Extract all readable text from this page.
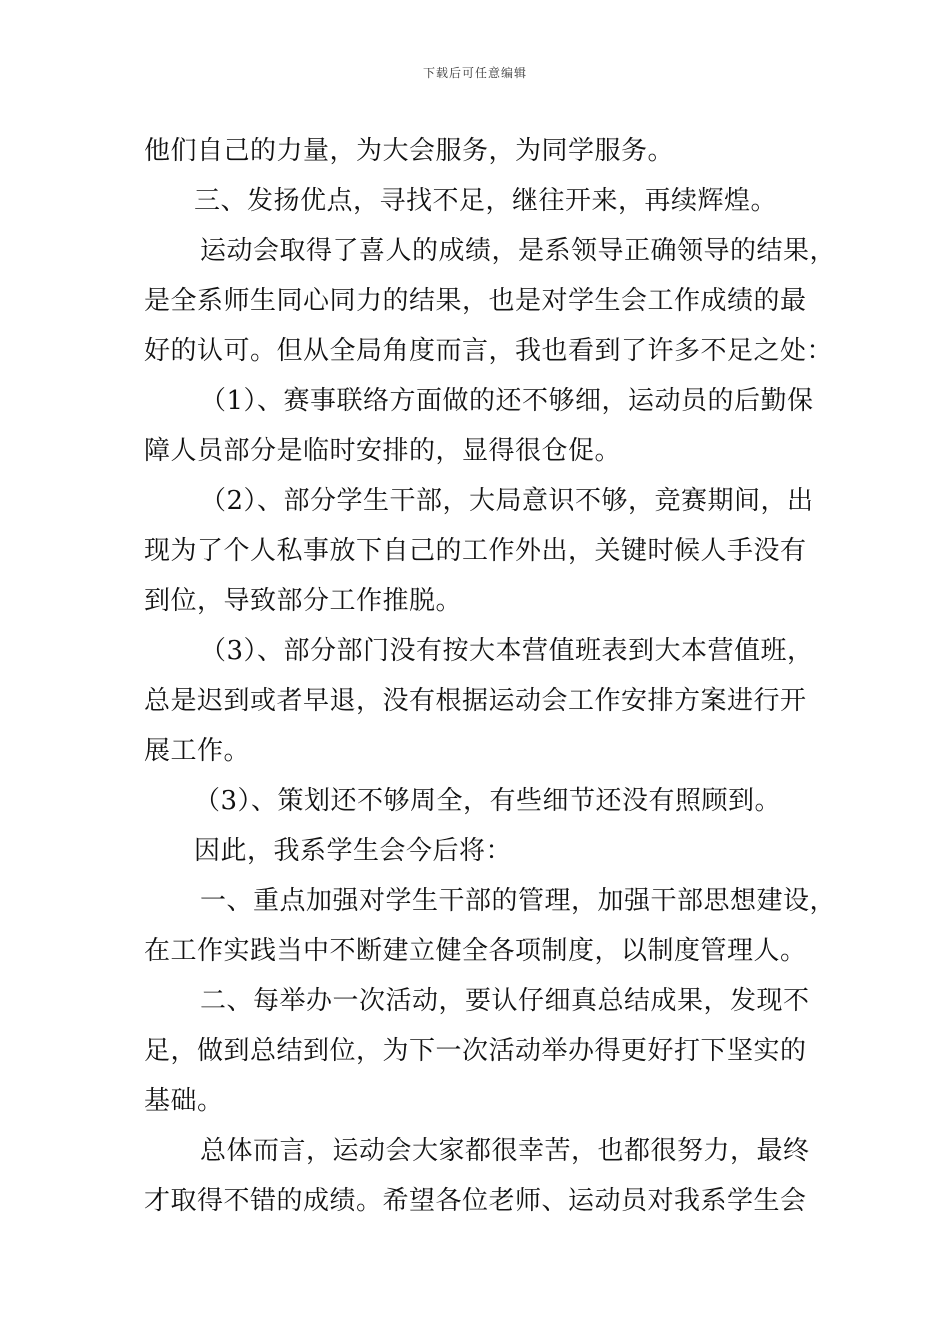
下载后可任意编辑
他们自己的力量，为大会服务，为同学服务。
三、发扬优点，寻找不足，继往开来，再续辉煌。
运动会取得了喜人的成绩，是系领导正确领导的结果，
是全系师生同心同力的结果，也是对学生会工作成绩的最
好的认可。但从全局角度而言，我也看到了许多不足之处：
（1）、赛事联络方面做的还不够细，运动员的后勤保
障人员部分是临时安排的，显得很仓促。
（2）、部分学生干部，大局意识不够，竞赛期间，出
现为了个人私事放下自己的工作外出，关键时候人手没有
到位，导致部分工作推脱。
（3）、部分部门没有按大本营值班表到大本营值班，
总是迟到或者早退，没有根据运动会工作安排方案进行开
展工作。
（3）、策划还不够周全，有些细节还没有照顾到。
因此，我系学生会今后将：
一、重点加强对学生干部的管理，加强干部思想建设，
在工作实践当中不断建立健全各项制度，以制度管理人。
二、每举办一次活动，要认仔细真总结成果，发现不
足，做到总结到位，为下一次活动举办得更好打下坚实的
基础。
总体而言，运动会大家都很幸苦，也都很努力，最终
才取得不错的成绩。希望各位老师、运动员对我系学生会
